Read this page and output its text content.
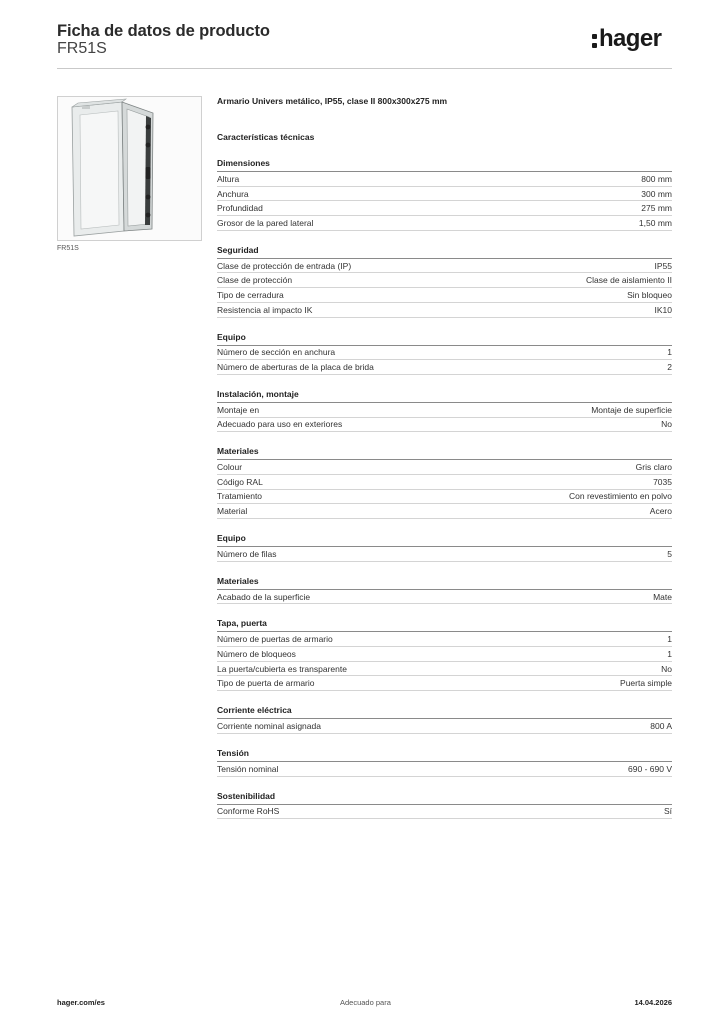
Ficha de datos de producto
FR51S	hager
FR51S
Armario Univers metálico, IP55, clase II 800x300x275 mm
Características técnicas
Dimensiones
Altura	800 mm
Anchura	300 mm
Profundidad	275 mm
Grosor de la pared lateral	1,50 mm
Seguridad
Clase de protección de entrada (IP)	IP55
Clase de protección	Clase de aislamiento II
Tipo de cerradura	Sin bloqueo
Resistencia al impacto IK	IK10
Equipo
Número de sección en anchura	1
Número de aberturas de la placa de brida	2
Instalación, montaje
Montaje en	Montaje de superficie
Adecuado para uso en exteriores	No
Materiales
Colour	Gris claro
Código RAL	7035
Tratamiento	Con revestimiento en polvo
Material	Acero
Equipo
Número de filas	5
Materiales
Acabado de la superficie	Mate
Tapa, puerta
Número de puertas de armario	1
Número de bloqueos	1
La puerta/cubierta es transparente	No
Tipo de puerta de armario	Puerta simple
Corriente eléctrica
Corriente nominal asignada	800 A
Tensión
Tensión nominal	690 - 690 V
Sostenibilidad
Conforme RoHS	Sí
hager.com/es	Adecuado para	14.04.2026
